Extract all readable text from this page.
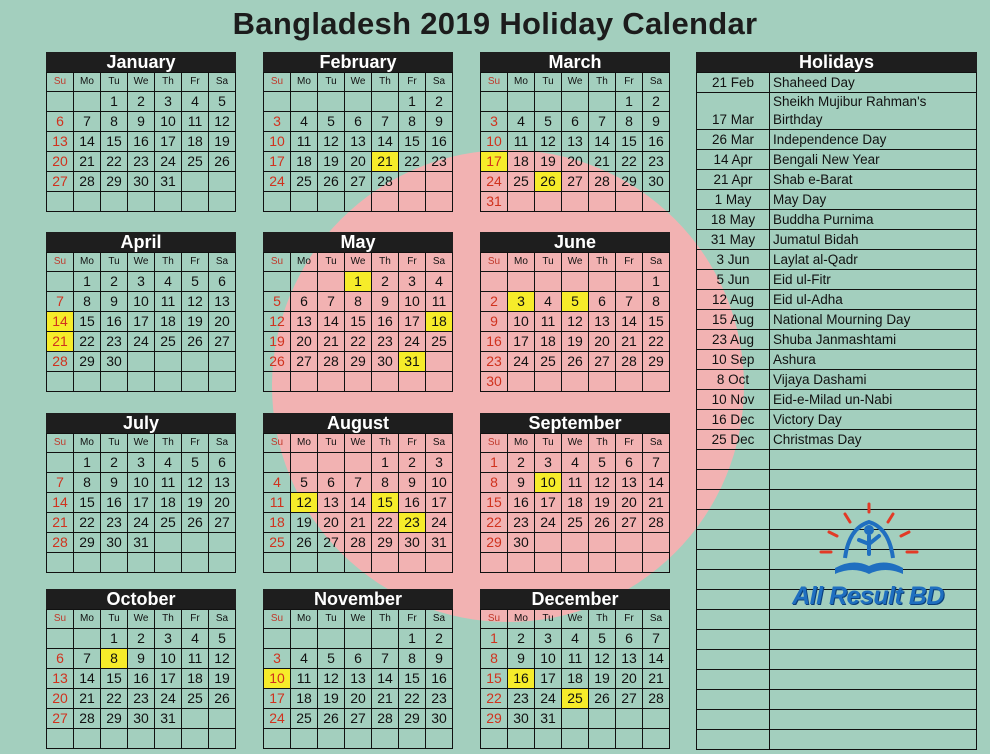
Bangladesh 2019 Holiday Calendar
January
Su	Mo	Tu	We	Th	Fr	Sa
		1	2	3	4	5
6	7	8	9	10	11	12
13	14	15	16	17	18	19
20	21	22	23	24	25	26
27	28	29	30	31		

February
Su	Mo	Tu	We	Th	Fr	Sa
					1	2
3	4	5	6	7	8	9
10	11	12	13	14	15	16
17	18	19	20	21	22	23
24	25	26	27	28		

March
Su	Mo	Tu	We	Th	Fr	Sa
					1	2
3	4	5	6	7	8	9
10	11	12	13	14	15	16
17	18	19	20	21	22	23
24	25	26	27	28	29	30
31						
April
Su	Mo	Tu	We	Th	Fr	Sa
	1	2	3	4	5	6
7	8	9	10	11	12	13
14	15	16	17	18	19	20
21	22	23	24	25	26	27
28	29	30				

May
Su	Mo	Tu	We	Th	Fr	Sa
			1	2	3	4
5	6	7	8	9	10	11
12	13	14	15	16	17	18
19	20	21	22	23	24	25
26	27	28	29	30	31	

June
Su	Mo	Tu	We	Th	Fr	Sa
						1
2	3	4	5	6	7	8
9	10	11	12	13	14	15
16	17	18	19	20	21	22
23	24	25	26	27	28	29
30						
July
Su	Mo	Tu	We	Th	Fr	Sa
	1	2	3	4	5	6
7	8	9	10	11	12	13
14	15	16	17	18	19	20
21	22	23	24	25	26	27
28	29	30	31			

August
Su	Mo	Tu	We	Th	Fr	Sa
				1	2	3
4	5	6	7	8	9	10
11	12	13	14	15	16	17
18	19	20	21	22	23	24
25	26	27	28	29	30	31

September
Su	Mo	Tu	We	Th	Fr	Sa
1	2	3	4	5	6	7
8	9	10	11	12	13	14
15	16	17	18	19	20	21
22	23	24	25	26	27	28
29	30					

October
Su	Mo	Tu	We	Th	Fr	Sa
		1	2	3	4	5
6	7	8	9	10	11	12
13	14	15	16	17	18	19
20	21	22	23	24	25	26
27	28	29	30	31		

November
Su	Mo	Tu	We	Th	Fr	Sa
					1	2
3	4	5	6	7	8	9
10	11	12	13	14	15	16
17	18	19	20	21	22	23
24	25	26	27	28	29	30

December
Su	Mo	Tu	We	Th	Fr	Sa
1	2	3	4	5	6	7
8	9	10	11	12	13	14
15	16	17	18	19	20	21
22	23	24	25	26	27	28
29	30	31				

Holidays
21 Feb	Shaheed Day
17 Mar	Sheikh Mujibur Rahman's Birthday
26 Mar	Independence Day
14 Apr	Bengali New Year
21 Apr	Shab e-Barat
1 May	May Day
18 May	Buddha Purnima
31 May	Jumatul Bidah
3 Jun	Laylat al-Qadr
5 Jun	Eid ul-Fitr
12 Aug	Eid ul-Adha
15 Aug	National Mourning Day
23 Aug	Shuba Janmashtami
10 Sep	Ashura
8 Oct	Vijaya Dashami
10 Nov	Eid-e-Milad un-Nabi
16 Dec	Victory Day
25 Dec	Christmas Day

All Result BD
